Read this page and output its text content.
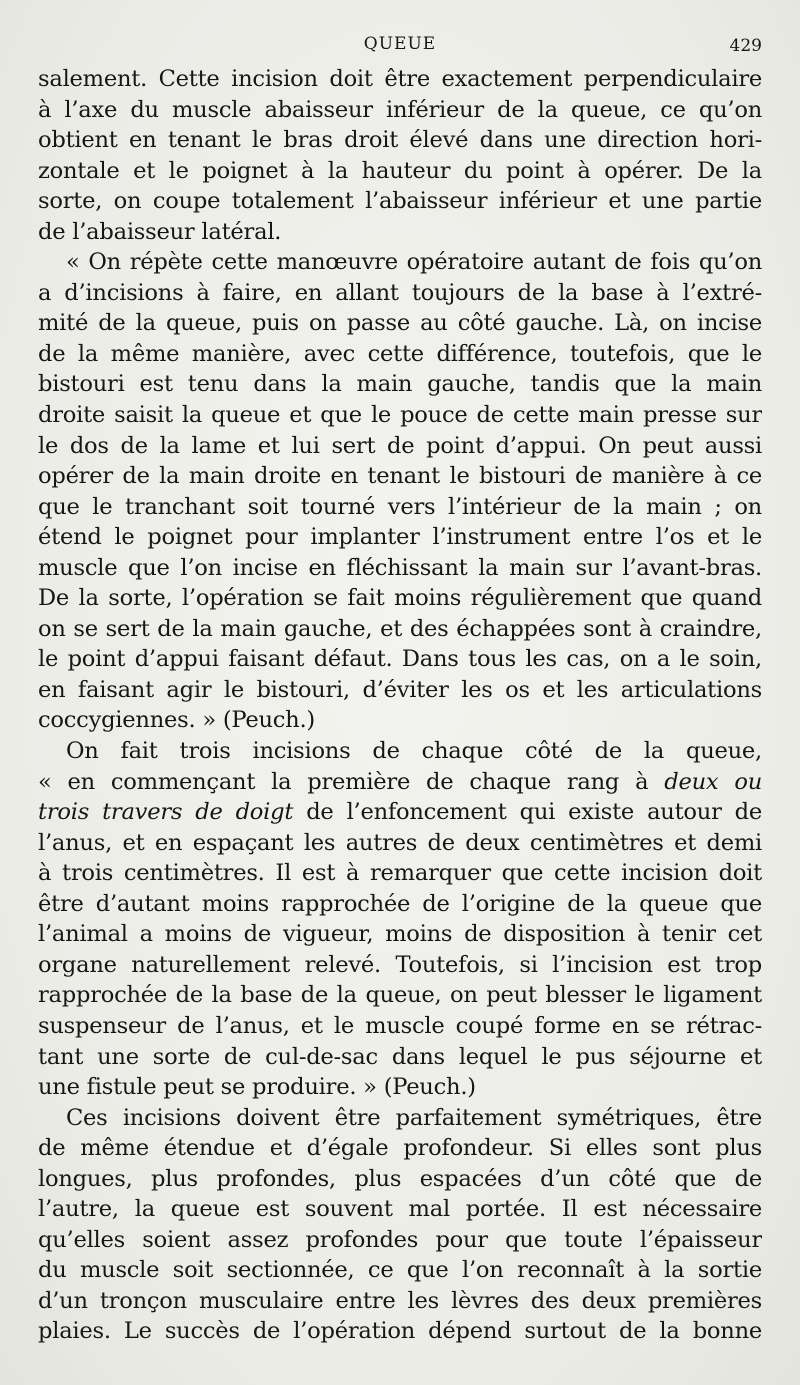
QUEUE	429
salement. Cette incision doit être exactement perpendiculaire
à l’axe du muscle abaisseur inférieur de la queue, ce qu’on
obtient en tenant le bras droit élevé dans une direction hori-
zontale et le poignet à la hauteur du point à opérer. De la
sorte, on coupe totalement l’abaisseur inférieur et une partie
de l’abaisseur latéral.
« On répète cette manœuvre opératoire autant de fois qu’on
a d’incisions à faire, en allant toujours de la base à l’extré-
mité de la queue, puis on passe au côté gauche. Là, on incise
de la même manière, avec cette différence, toutefois, que le
bistouri est tenu dans la main gauche, tandis que la main
droite saisit la queue et que le pouce de cette main presse sur
le dos de la lame et lui sert de point d’appui. On peut aussi
opérer de la main droite en tenant le bistouri de manière à ce
que le tranchant soit tourné vers l’intérieur de la main ; on
étend le poignet pour implanter l’instrument entre l’os et le
muscle que l’on incise en fléchissant la main sur l’avant-bras.
De la sorte, l’opération se fait moins régulièrement que quand
on se sert de la main gauche, et des échappées sont à craindre,
le point d’appui faisant défaut. Dans tous les cas, on a le soin,
en faisant agir le bistouri, d’éviter les os et les articulations
coccygiennes. » (Peuch.)
On fait trois incisions de chaque côté de la queue,
« en commençant la première de chaque rang à deux ou
trois travers de doigt de l’enfoncement qui existe autour de
l’anus, et en espaçant les autres de deux centimètres et demi
à trois centimètres. Il est à remarquer que cette incision doit
être d’autant moins rapprochée de l’origine de la queue que
l’animal a moins de vigueur, moins de disposition à tenir cet
organe naturellement relevé. Toutefois, si l’incision est trop
rapprochée de la base de la queue, on peut blesser le ligament
suspenseur de l’anus, et le muscle coupé forme en se rétrac-
tant une sorte de cul-de-sac dans lequel le pus séjourne et
une fistule peut se produire. » (Peuch.)
Ces incisions doivent être parfaitement symétriques, être
de même étendue et d’égale profondeur. Si elles sont plus
longues, plus profondes, plus espacées d’un côté que de
l’autre, la queue est souvent mal portée. Il est nécessaire
qu’elles soient assez profondes pour que toute l’épaisseur
du muscle soit sectionnée, ce que l’on reconnaît à la sortie
d’un tronçon musculaire entre les lèvres des deux premières
plaies. Le succès de l’opération dépend surtout de la bonne
